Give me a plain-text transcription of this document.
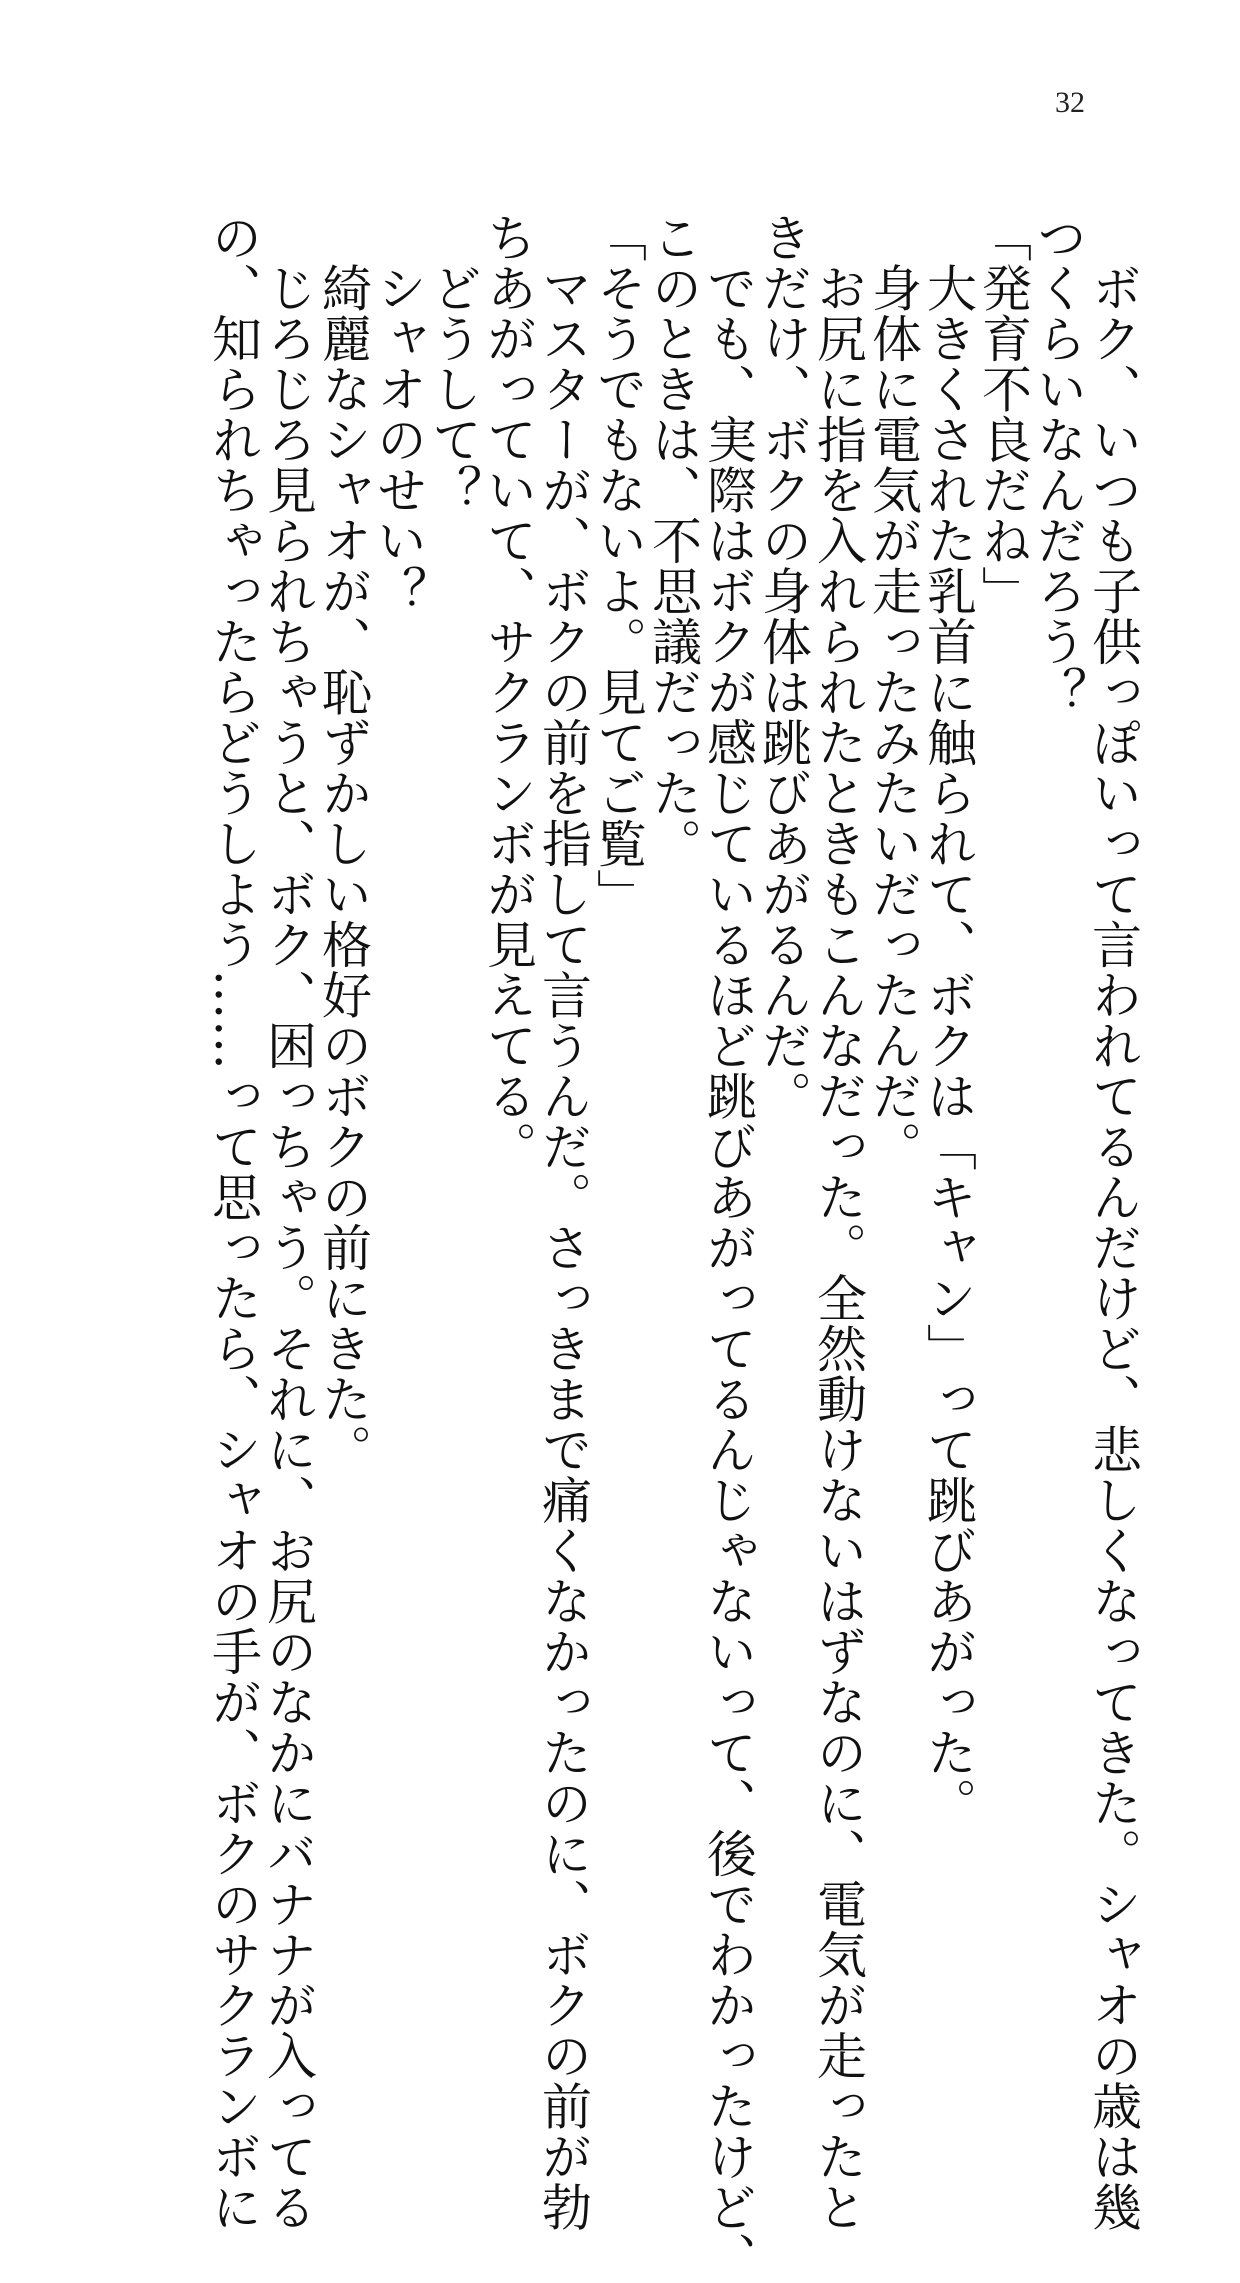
32
　ボク、いつも子供っぽいって言われてるんだけど、悲しくなってきた。シャオの歳は幾
つくらいなんだろう？
「発育不良だね」
　大きくされた乳首に触られて、ボクは「キャン」って跳びあがった。
　身体に電気が走ったみたいだったんだ。
　お尻に指を入れられたときもこんなだった。全然動けないはずなのに、電気が走ったと
きだけ、ボクの身体は跳びあがるんだ。
　でも、実際はボクが感じているほど跳びあがってるんじゃないって、後でわかったけど、
このときは、不思議だった。
「そうでもないよ。見てご覧」
　マスターが、ボクの前を指して言うんだ。さっきまで痛くなかったのに、ボクの前が勃
ちあがっていて、サクランボが見えてる。
　どうして？
　シャオのせい？
　綺麗なシャオが、恥ずかしい格好のボクの前にきた。
　じろじろ見られちゃうと、ボク、困っちゃう。それに、お尻のなかにバナナが入ってる
の、知られちゃったらどうしよう……って思ったら、シャオの手が、ボクのサクランボに
